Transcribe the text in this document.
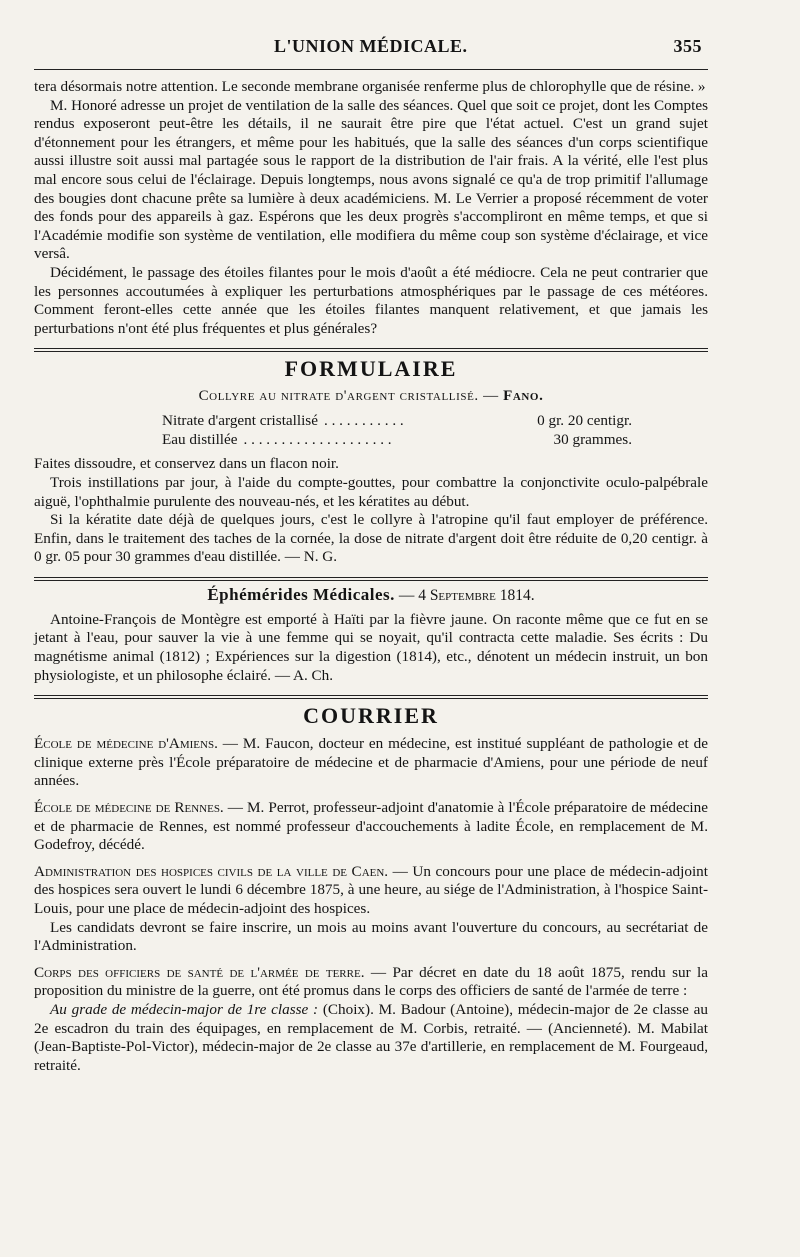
L'UNION MÉDICALE.	355

tera désormais notre attention. Le seconde membrane organisée renferme plus de chlorophylle que de résine. »

M. Honoré adresse un projet de ventilation de la salle des séances. Quel que soit ce projet, dont les Comptes rendus exposeront peut-être les détails, il ne saurait être pire que l'état actuel. C'est un grand sujet d'étonnement pour les étrangers, et même pour les habitués, que la salle des séances d'un corps scientifique aussi illustre soit aussi mal partagée sous le rapport de la distribution de l'air frais. A la vérité, elle l'est plus mal encore sous celui de l'éclairage. Depuis longtemps, nous avons signalé ce qu'a de trop primitif l'allumage des bougies dont chacune prête sa lumière à deux académiciens. M. Le Verrier a proposé récemment de voter des fonds pour des appareils à gaz. Espérons que les deux progrès s'accompliront en même temps, et que si l'Académie modifie son système de ventilation, elle modifiera du même coup son système d'éclairage, et vice versâ.

Décidément, le passage des étoiles filantes pour le mois d'août a été médiocre. Cela ne peut contrarier que les personnes accoutumées à expliquer les perturbations atmosphériques par le passage de ces météores. Comment feront-elles cette année que les étoiles filantes manquent relativement, et que jamais les perturbations n'ont été plus fréquentes et plus générales?

FORMULAIRE
Collyre au nitrate d'argent cristallisé. — Fano.
Nitrate d'argent cristallisé . . . . . . . . . . .	0 gr. 20 centigr.
Eau distillée . . . . . . . . . . . . . . . . . . . .	30 grammes.

Faites dissoudre, et conservez dans un flacon noir.

Trois instillations par jour, à l'aide du compte-gouttes, pour combattre la conjonctivite oculo-palpébrale aiguë, l'ophthalmie purulente des nouveau-nés, et les kératites au début.

Si la kératite date déjà de quelques jours, c'est le collyre à l'atropine qu'il faut employer de préférence. Enfin, dans le traitement des taches de la cornée, la dose de nitrate d'argent doit être réduite de 0,20 centigr. à 0 gr. 05 pour 30 grammes d'eau distillée. — N. G.

Éphémérides Médicales. — 4 Septembre 1814.

Antoine-François de Montègre est emporté à Haïti par la fièvre jaune. On raconte même que ce fut en se jetant à l'eau, pour sauver la vie à une femme qui se noyait, qu'il contracta cette maladie. Ses écrits : Du magnétisme animal (1812) ; Expériences sur la digestion (1814), etc., dénotent un médecin instruit, un bon physiologiste, et un philosophe éclairé. — A. Ch.

COURRIER

École de médecine d'Amiens. — M. Faucon, docteur en médecine, est institué suppléant de pathologie et de clinique externe près l'École préparatoire de médecine et de pharmacie d'Amiens, pour une période de neuf années.

École de médecine de Rennes. — M. Perrot, professeur-adjoint d'anatomie à l'École préparatoire de médecine et de pharmacie de Rennes, est nommé professeur d'accouchements à ladite École, en remplacement de M. Godefroy, décédé.

Administration des hospices civils de la ville de Caen. — Un concours pour une place de médecin-adjoint des hospices sera ouvert le lundi 6 décembre 1875, à une heure, au siége de l'Administration, à l'hospice Saint-Louis, pour une place de médecin-adjoint des hospices.

Les candidats devront se faire inscrire, un mois au moins avant l'ouverture du concours, au secrétariat de l'Administration.

Corps des officiers de santé de l'armée de terre. — Par décret en date du 18 août 1875, rendu sur la proposition du ministre de la guerre, ont été promus dans le corps des officiers de santé de l'armée de terre :

Au grade de médecin-major de 1re classe : (Choix). M. Badour (Antoine), médecin-major de 2e classe au 2e escadron du train des équipages, en remplacement de M. Corbis, retraité. — (Ancienneté). M. Mabilat (Jean-Baptiste-Pol-Victor), médecin-major de 2e classe au 37e d'artillerie, en remplacement de M. Fourgeaud, retraité.
